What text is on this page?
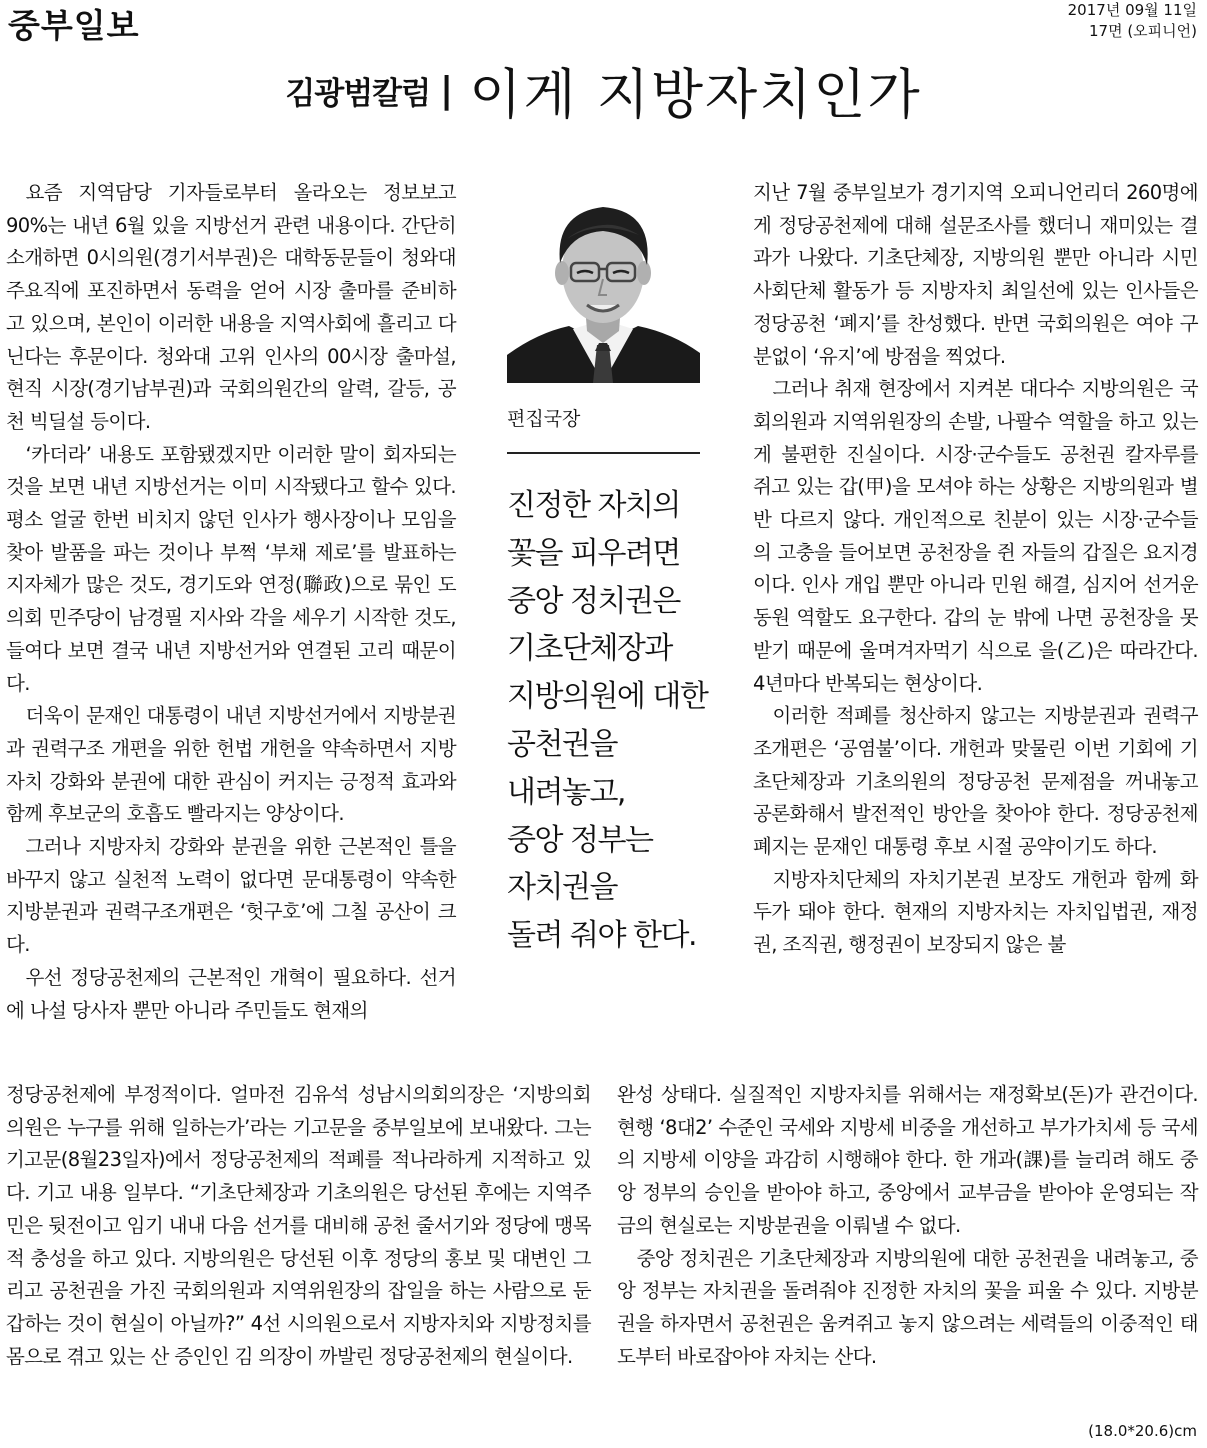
중부일보	2017년 09월 11일
17면 (오피니언)
김광범칼럼 | 이게 지방자치인가

요즘 지역담당 기자들로부터 올라오는 정보보고 90%는 내년 6월 있을 지방선거 관련 내용이다. 간단히 소개하면 0시의원(경기서부권)은 대학동문들이 청와대 주요직에 포진하면서 동력을 얻어 시장 출마를 준비하고 있으며, 본인이 이러한 내용을 지역사회에 흘리고 다닌다는 후문이다. 청와대 고위 인사의 00시장 출마설, 현직 시장(경기남부권)과 국회의원간의 알력, 갈등, 공천 빅딜설 등이다.

‘카더라’ 내용도 포함됐겠지만 이러한 말이 회자되는 것을 보면 내년 지방선거는 이미 시작됐다고 할수 있다. 평소 얼굴 한번 비치지 않던 인사가 행사장이나 모임을 찾아 발품을 파는 것이나 부쩍 ‘부채 제로’를 발표하는 지자체가 많은 것도, 경기도와 연정(聯政)으로 묶인 도의회 민주당이 남경필 지사와 각을 세우기 시작한 것도, 들여다 보면 결국 내년 지방선거와 연결된 고리 때문이다.

더욱이 문재인 대통령이 내년 지방선거에서 지방분권과 권력구조 개편을 위한 헌법 개헌을 약속하면서 지방자치 강화와 분권에 대한 관심이 커지는 긍정적 효과와 함께 후보군의 호흡도 빨라지는 양상이다.

그러나 지방자치 강화와 분권을 위한 근본적인 틀을 바꾸지 않고 실천적 노력이 없다면 문대통령이 약속한 지방분권과 권력구조개편은 ‘헛구호’에 그칠 공산이 크다.

우선 정당공천제의 근본적인 개혁이 필요하다. 선거에 나설 당사자 뿐만 아니라 주민들도 현재의

편집국장
진정한 자치의
꽃을 피우려면
중앙 정치권은
기초단체장과
지방의원에 대한
공천권을
내려놓고,
중앙 정부는
자치권을
돌려 줘야 한다.

지난 7월 중부일보가 경기지역 오피니언리더 260명에게 정당공천제에 대해 설문조사를 했더니 재미있는 결과가 나왔다. 기초단체장, 지방의원 뿐만 아니라 시민사회단체 활동가 등 지방자치 최일선에 있는 인사들은 정당공천 ‘폐지’를 찬성했다. 반면 국회의원은 여야 구분없이 ‘유지’에 방점을 찍었다.

그러나 취재 현장에서 지켜본 대다수 지방의원은 국회의원과 지역위원장의 손발, 나팔수 역할을 하고 있는게 불편한 진실이다. 시장·군수들도 공천권 칼자루를 쥐고 있는 갑(甲)을 모셔야 하는 상황은 지방의원과 별반 다르지 않다. 개인적으로 친분이 있는 시장·군수들의 고충을 들어보면 공천장을 쥔 자들의 갑질은 요지경이다. 인사 개입 뿐만 아니라 민원 해결, 심지어 선거운동원 역할도 요구한다. 갑의 눈 밖에 나면 공천장을 못 받기 때문에 울며겨자먹기 식으로 을(乙)은 따라간다. 4년마다 반복되는 현상이다.

이러한 적폐를 청산하지 않고는 지방분권과 권력구조개편은 ‘공염불’이다. 개헌과 맞물린 이번 기회에 기초단체장과 기초의원의 정당공천 문제점을 꺼내놓고 공론화해서 발전적인 방안을 찾아야 한다. 정당공천제 폐지는 문재인 대통령 후보 시절 공약이기도 하다.

지방자치단체의 자치기본권 보장도 개헌과 함께 화두가 돼야 한다. 현재의 지방자치는 자치입법권, 재정권, 조직권, 행정권이 보장되지 않은 불

정당공천제에 부정적이다. 얼마전 김유석 성남시의회의장은 ‘지방의회 의원은 누구를 위해 일하는가’라는 기고문을 중부일보에 보내왔다. 그는 기고문(8월23일자)에서 정당공천제의 적폐를 적나라하게 지적하고 있다. 기고 내용 일부다. “기초단체장과 기초의원은 당선된 후에는 지역주민은 뒷전이고 임기 내내 다음 선거를 대비해 공천 줄서기와 정당에 맹목적 충성을 하고 있다. 지방의원은 당선된 이후 정당의 홍보 및 대변인 그리고 공천권을 가진 국회의원과 지역위원장의 잡일을 하는 사람으로 둔갑하는 것이 현실이 아닐까?” 4선 시의원으로서 지방자치와 지방정치를 몸으로 겪고 있는 산 증인인 김 의장이 까발린 정당공천제의 현실이다.

완성 상태다. 실질적인 지방자치를 위해서는 재정확보(돈)가 관건이다. 현행 ‘8대2’ 수준인 국세와 지방세 비중을 개선하고 부가가치세 등 국세의 지방세 이양을 과감히 시행해야 한다. 한 개과(課)를 늘리려 해도 중앙 정부의 승인을 받아야 하고, 중앙에서 교부금을 받아야 운영되는 작금의 현실로는 지방분권을 이뤄낼 수 없다.

중앙 정치권은 기초단체장과 지방의원에 대한 공천권을 내려놓고, 중앙 정부는 자치권을 돌려줘야 진정한 자치의 꽃을 피울 수 있다. 지방분권을 하자면서 공천권은 움켜쥐고 놓지 않으려는 세력들의 이중적인 태도부터 바로잡아야 자치는 산다.

(18.0*20.6)cm
